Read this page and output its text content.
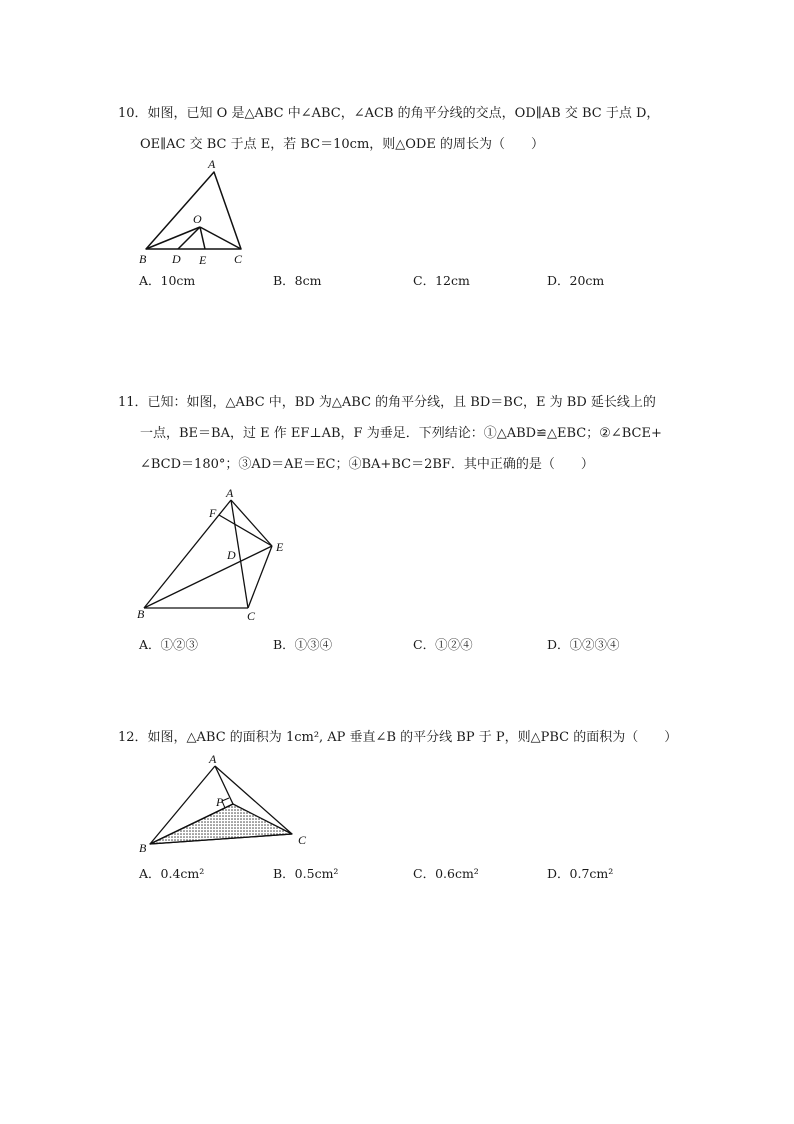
10．如图，已知 O 是△ABC 中∠ABC，∠ACB 的角平分线的交点，OD∥AB 交 BC 于点 D，

OE∥AC 交 BC 于点 E，若 BC＝10cm，则△ODE 的周长为（　　）

A
O
B D E C
A．10cm	B．8cm	C．12cm	D．20cm

11．已知：如图，△ABC 中，BD 为△ABC 的角平分线，且 BD＝BC，E 为 BD 延长线上的

一点，BE＝BA，过 E 作 EF⊥AB，F 为垂足．下列结论：①△ABD≌△EBC；②∠BCE+

∠BCD＝180°；③AD＝AE＝EC；④BA+BC＝2BF．其中正确的是（　　）

A
F
E
D
B	C
A．①②③	B．①③④	C．①②④	D．①②③④

12．如图，△ABC 的面积为 1cm², AP 垂直∠B 的平分线 BP 于 P，则△PBC 的面积为（　　）

A
P
B
C
A．0.4cm²	B．0.5cm²	C．0.6cm²	D．0.7cm²
